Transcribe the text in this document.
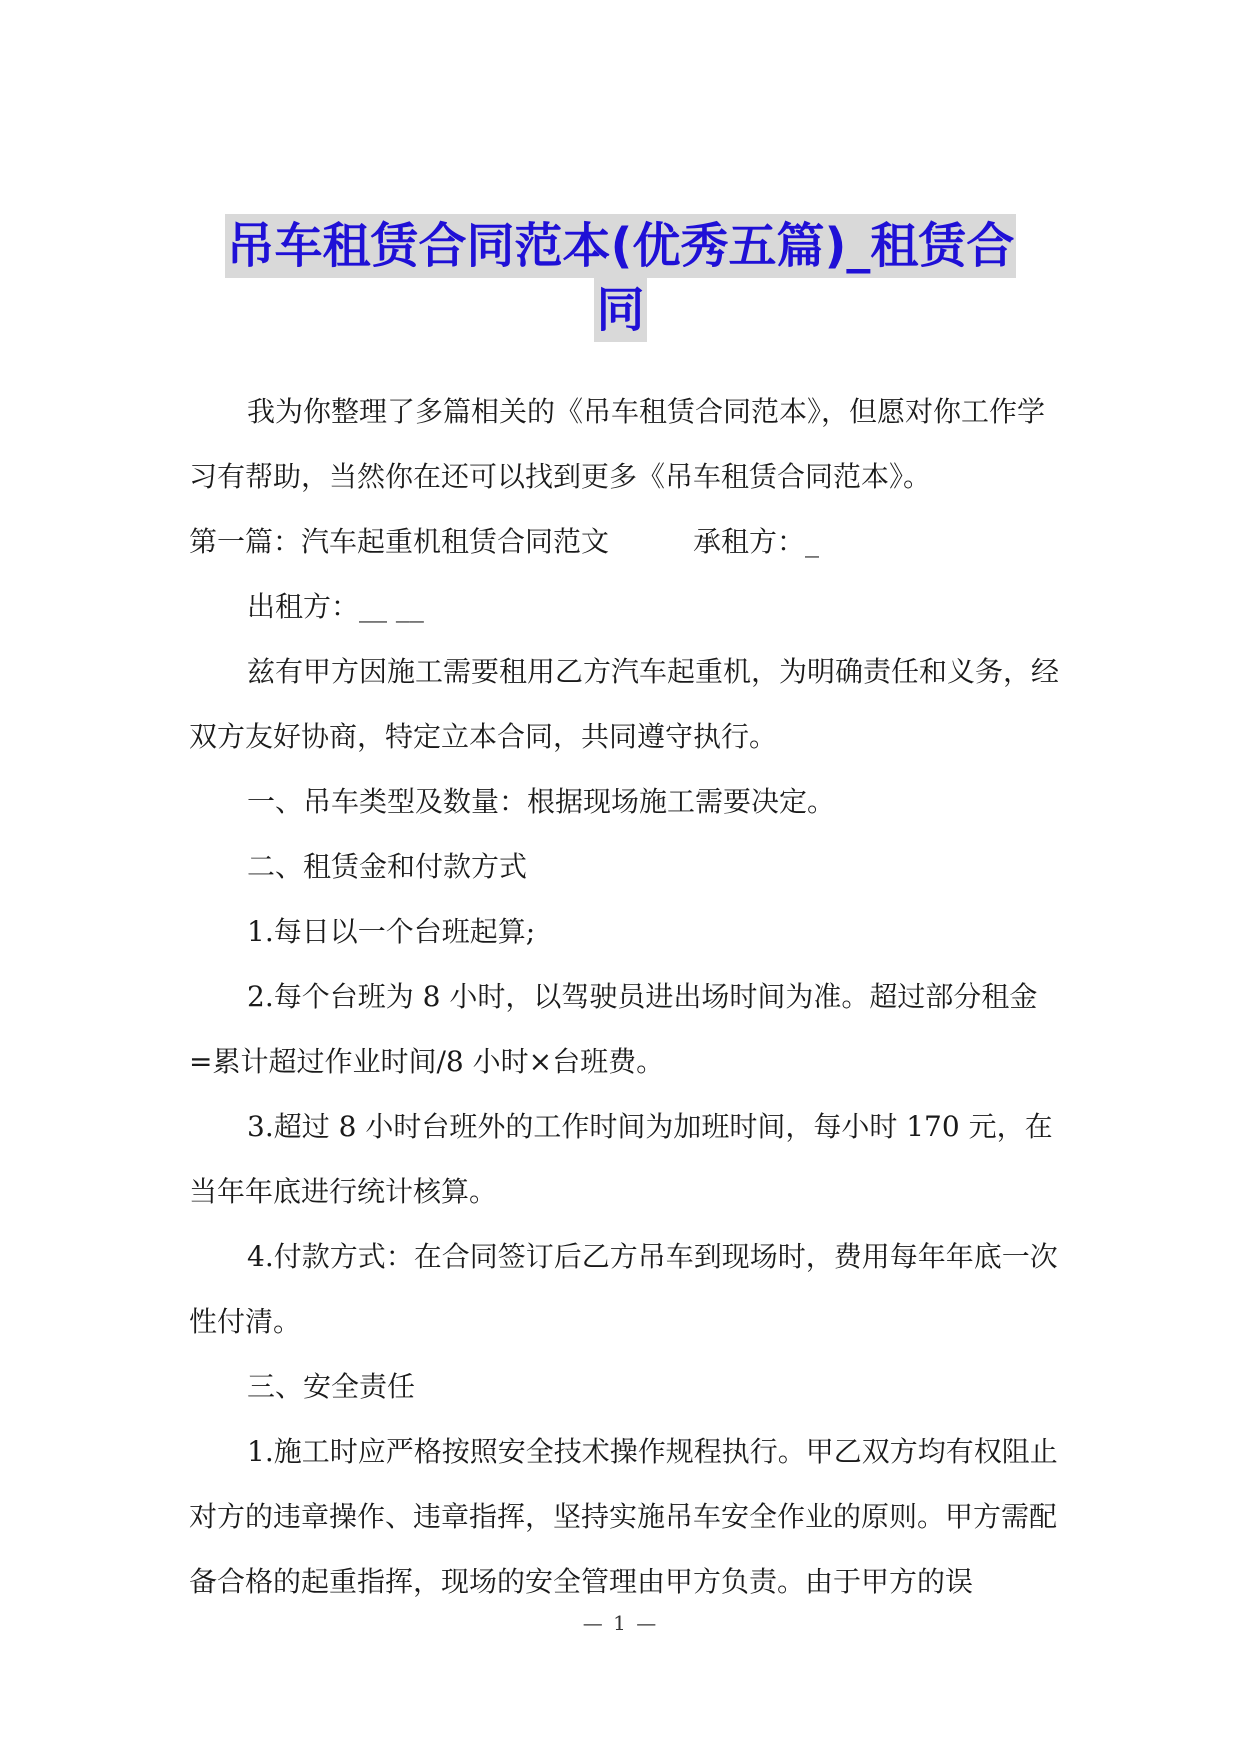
吊车租赁合同范本(优秀五篇)_租赁合
同

我为你整理了多篇相关的《吊车租赁合同范本》，但愿对你工作学习有帮助，当然你在还可以找到更多《吊车租赁合同范本》。

第一篇：汽车起重机租赁合同范文　　　承租方：_

出租方：__ __

兹有甲方因施工需要租用乙方汽车起重机，为明确责任和义务，经双方友好协商，特定立本合同，共同遵守执行。

一、吊车类型及数量：根据现场施工需要决定。

二、租赁金和付款方式

1.每日以一个台班起算;

2.每个台班为 8 小时，以驾驶员进出场时间为准。超过部分租金=累计超过作业时间/8 小时×台班费。

3.超过 8 小时台班外的工作时间为加班时间，每小时 170 元，在当年年底进行统计核算。

4.付款方式：在合同签订后乙方吊车到现场时，费用每年年底一次性付清。

三、安全责任

1.施工时应严格按照安全技术操作规程执行。甲乙双方均有权阻止对方的违章操作、违章指挥，坚持实施吊车安全作业的原则。甲方需配备合格的起重指挥，现场的安全管理由甲方负责。由于甲方的误

— 1 —
